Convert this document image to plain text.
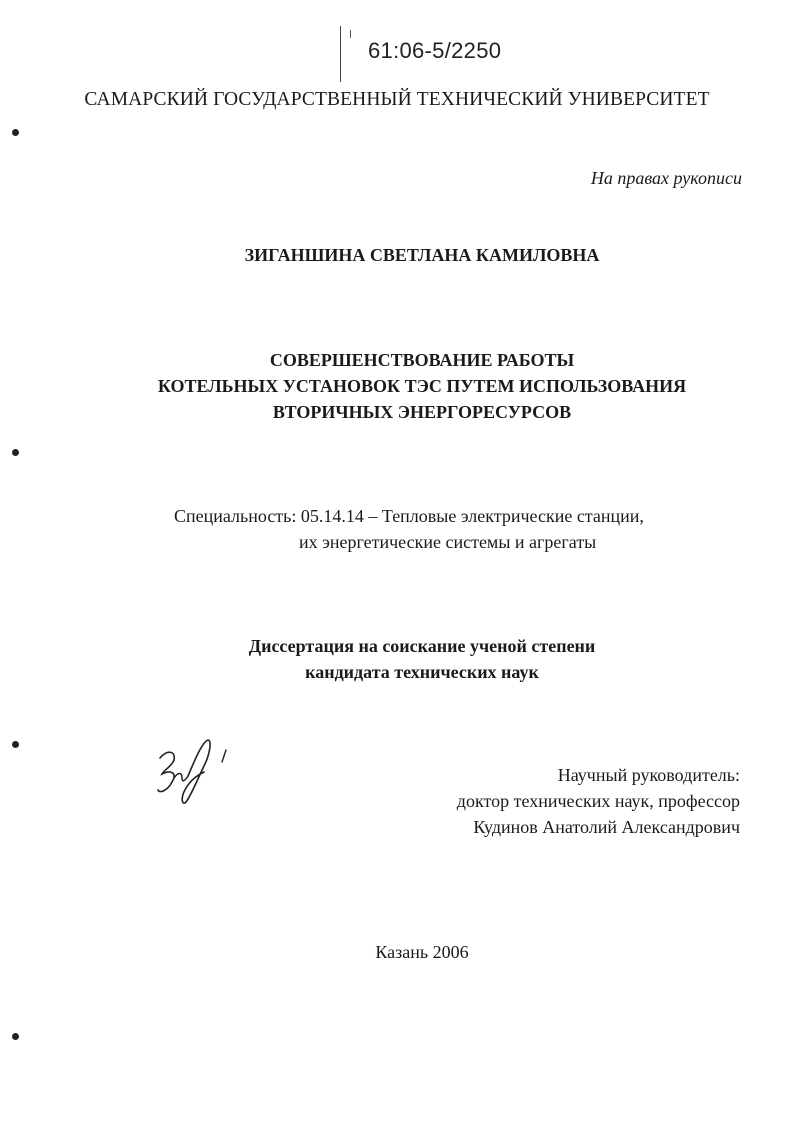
61:06-5/2250
САМАРСКИЙ ГОСУДАРСТВЕННЫЙ ТЕХНИЧЕСКИЙ УНИВЕРСИТЕТ
На правах рукописи
ЗИГАНШИНА СВЕТЛАНА КАМИЛОВНА
СОВЕРШЕНСТВОВАНИЕ РАБОТЫ
КОТЕЛЬНЫХ УСТАНОВОК ТЭС ПУТЕМ ИСПОЛЬЗОВАНИЯ
ВТОРИЧНЫХ ЭНЕРГОРЕСУРСОВ
Специальность: 05.14.14 – Тепловые электрические станции,
их энергетические системы и агрегаты
Диссертация на соискание ученой степени
кандидата технических наук
Научный руководитель:
доктор технических наук, профессор
Кудинов Анатолий Александрович
Казань 2006
